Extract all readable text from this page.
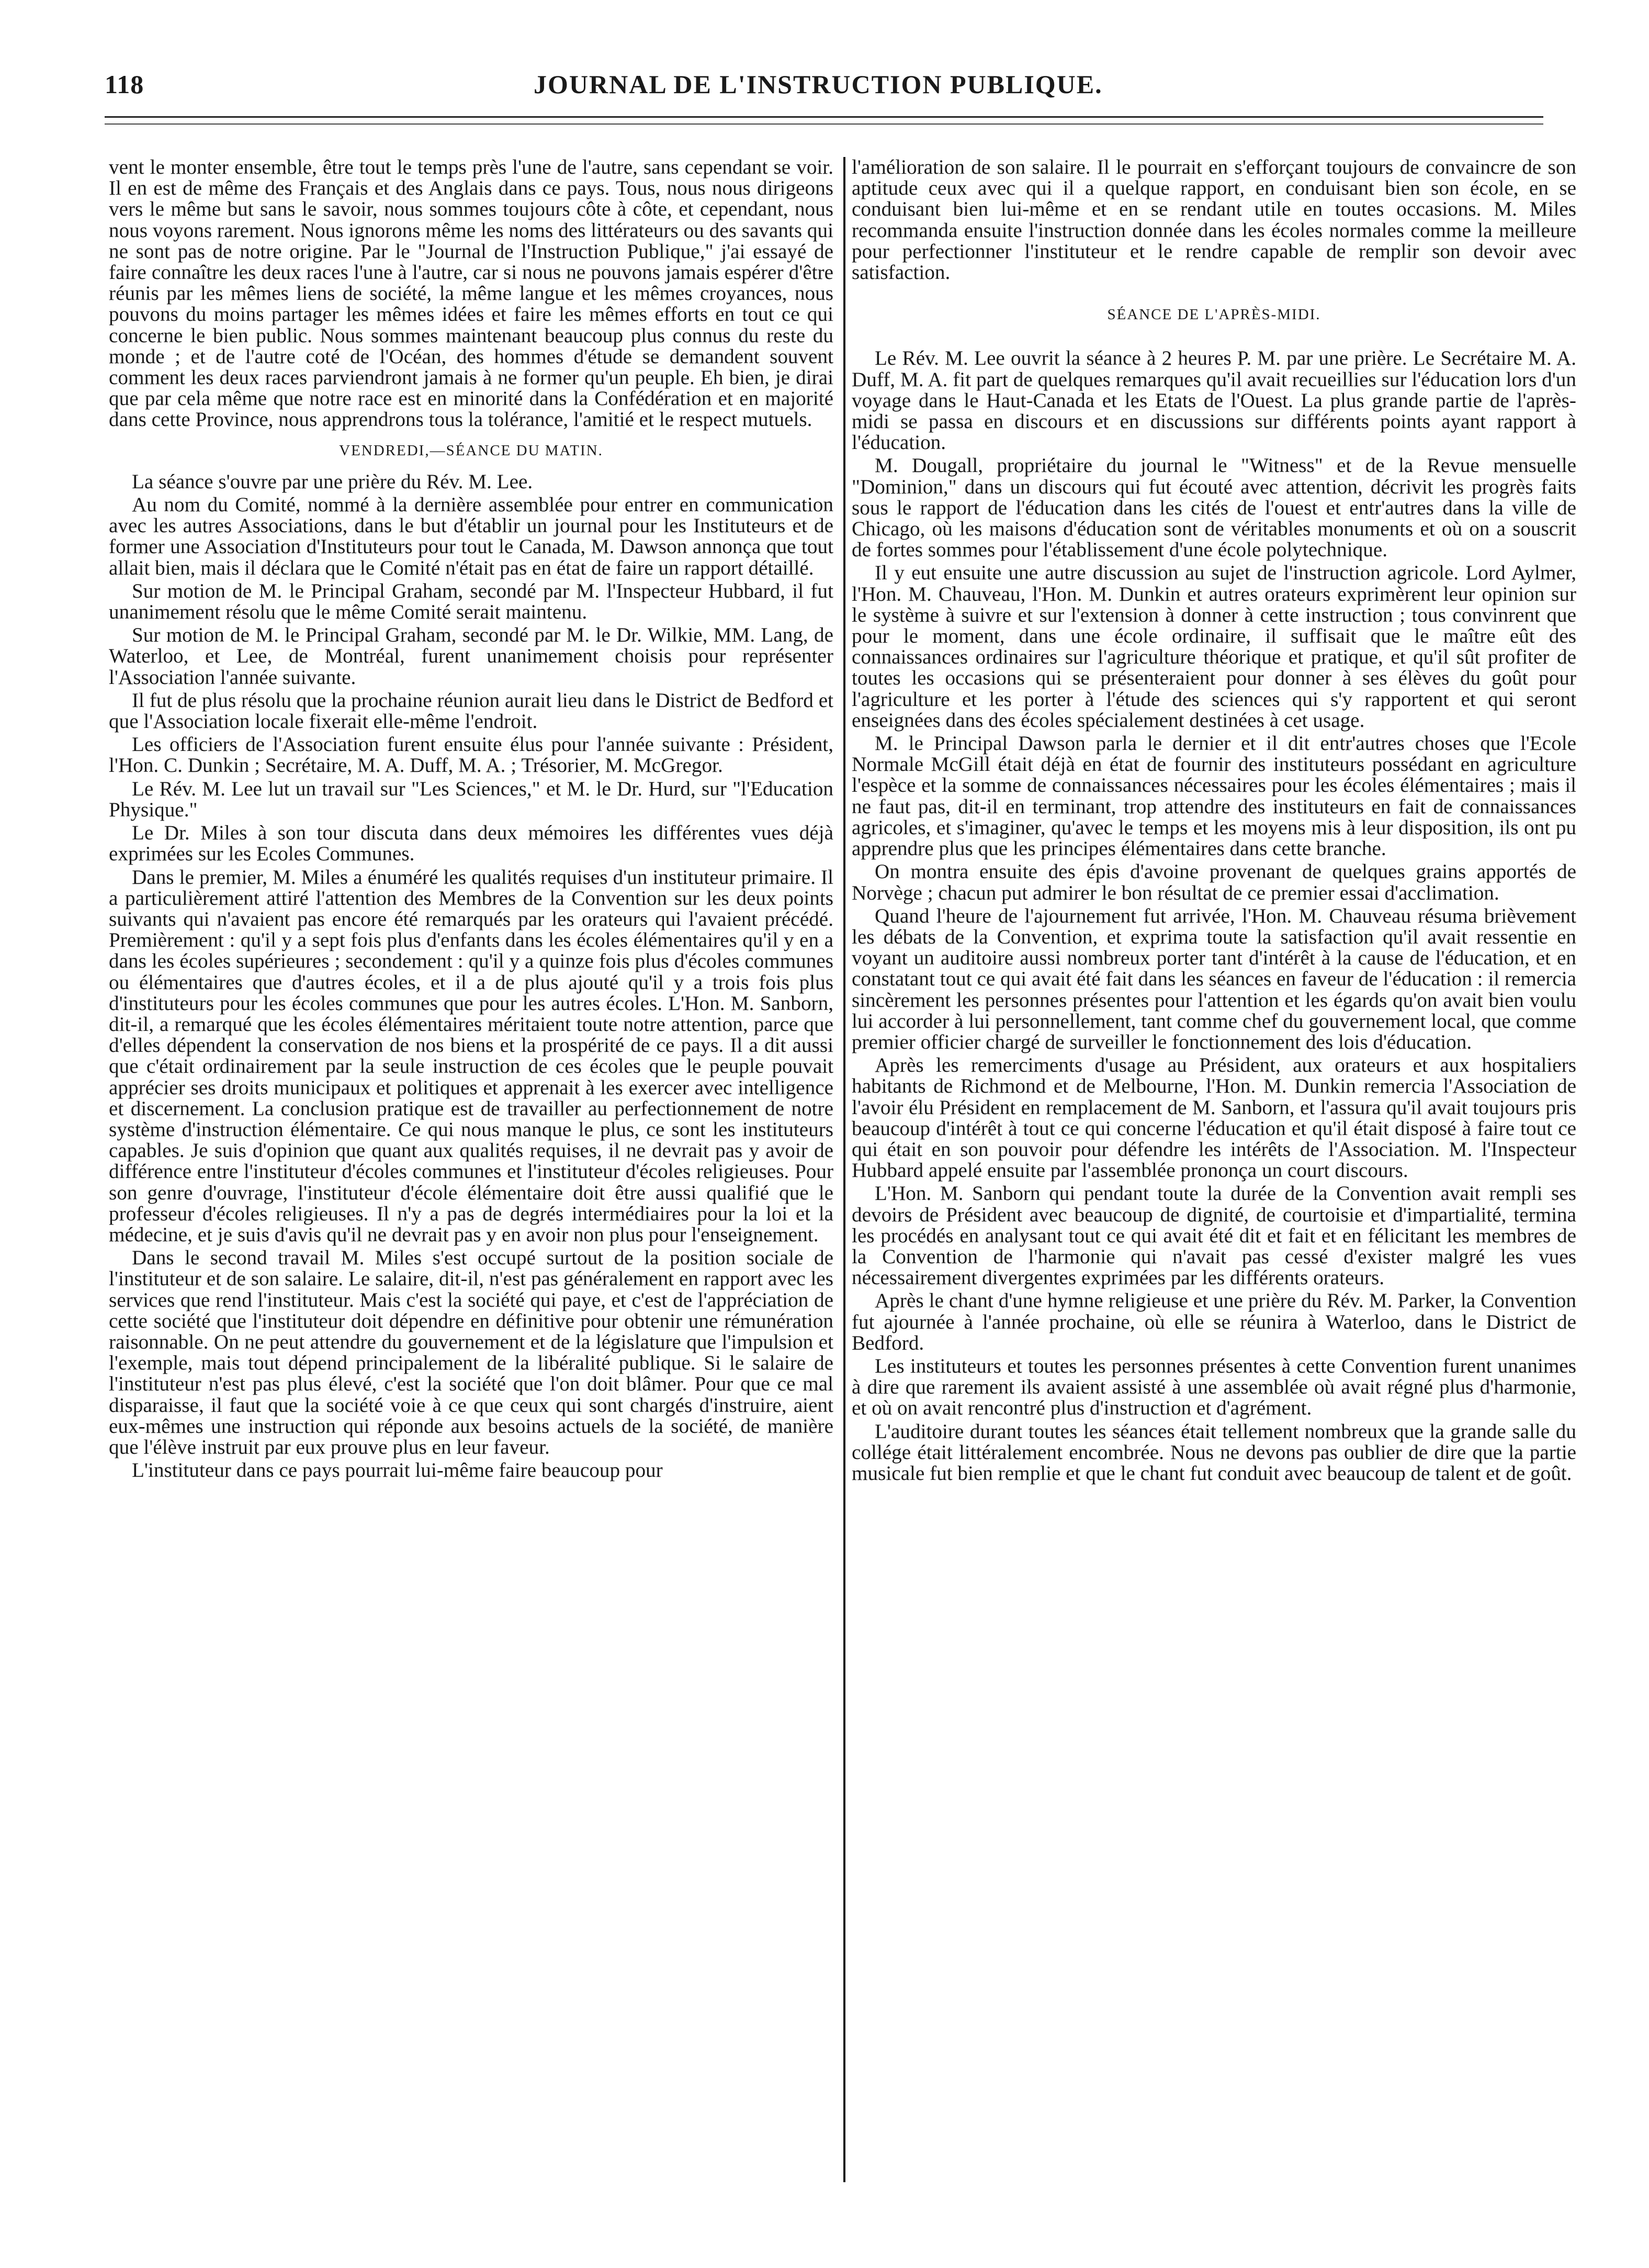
118	JOURNAL DE L'INSTRUCTION PUBLIQUE.

vent le monter ensemble, être tout le temps près l'une de l'autre, sans cependant se voir. Il en est de même des Français et des Anglais dans ce pays. Tous, nous nous dirigeons vers le même but sans le savoir, nous sommes toujours côte à côte, et cependant, nous nous voyons rarement. Nous ignorons même les noms des littérateurs ou des savants qui ne sont pas de notre origine. Par le "Journal de l'Instruction Publique," j'ai essayé de faire connaître les deux races l'une à l'autre, car si nous ne pouvons jamais espérer d'être réunis par les mêmes liens de société, la même langue et les mêmes croyances, nous pouvons du moins partager les mêmes idées et faire les mêmes efforts en tout ce qui concerne le bien public. Nous sommes maintenant beaucoup plus connus du reste du monde ; et de l'autre coté de l'Océan, des hommes d'étude se demandent souvent comment les deux races parviendront jamais à ne former qu'un peuple. Eh bien, je dirai que par cela même que notre race est en minorité dans la Confédération et en majorité dans cette Province, nous apprendrons tous la tolérance, l'amitié et le respect mutuels.

VENDREDI,—SÉANCE DU MATIN.

La séance s'ouvre par une prière du Rév. M. Lee.

Au nom du Comité, nommé à la dernière assemblée pour entrer en communication avec les autres Associations, dans le but d'établir un journal pour les Instituteurs et de former une Association d'Instituteurs pour tout le Canada, M. Dawson annonça que tout allait bien, mais il déclara que le Comité n'était pas en état de faire un rapport détaillé.

Sur motion de M. le Principal Graham, secondé par M. l'Inspecteur Hubbard, il fut unanimement résolu que le même Comité serait maintenu.

Sur motion de M. le Principal Graham, secondé par M. le Dr. Wilkie, MM. Lang, de Waterloo, et Lee, de Montréal, furent unanimement choisis pour représenter l'Association l'année suivante.

Il fut de plus résolu que la prochaine réunion aurait lieu dans le District de Bedford et que l'Association locale fixerait elle-même l'endroit.

Les officiers de l'Association furent ensuite élus pour l'année suivante : Président, l'Hon. C. Dunkin ; Secrétaire, M. A. Duff, M. A. ; Trésorier, M. McGregor.

Le Rév. M. Lee lut un travail sur "Les Sciences," et M. le Dr. Hurd, sur "l'Education Physique."

Le Dr. Miles à son tour discuta dans deux mémoires les différentes vues déjà exprimées sur les Ecoles Communes.

Dans le premier, M. Miles a énuméré les qualités requises d'un instituteur primaire. Il a particulièrement attiré l'attention des Membres de la Convention sur les deux points suivants qui n'avaient pas encore été remarqués par les orateurs qui l'avaient précédé. Premièrement : qu'il y a sept fois plus d'enfants dans les écoles élémentaires qu'il y en a dans les écoles supérieures ; secondement : qu'il y a quinze fois plus d'écoles communes ou élémentaires que d'autres écoles, et il a de plus ajouté qu'il y a trois fois plus d'instituteurs pour les écoles communes que pour les autres écoles. L'Hon. M. Sanborn, dit-il, a remarqué que les écoles élémentaires méritaient toute notre attention, parce que d'elles dépendent la conservation de nos biens et la prospérité de ce pays. Il a dit aussi que c'était ordinairement par la seule instruction de ces écoles que le peuple pouvait apprécier ses droits municipaux et politiques et apprenait à les exercer avec intelligence et discernement. La conclusion pratique est de travailler au perfectionnement de notre système d'instruction élémentaire. Ce qui nous manque le plus, ce sont les instituteurs capables. Je suis d'opinion que quant aux qualités requises, il ne devrait pas y avoir de différence entre l'instituteur d'écoles communes et l'instituteur d'écoles religieuses. Pour son genre d'ouvrage, l'instituteur d'école élémentaire doit être aussi qualifié que le professeur d'écoles religieuses. Il n'y a pas de degrés intermédiaires pour la loi et la médecine, et je suis d'avis qu'il ne devrait pas y en avoir non plus pour l'enseignement.

Dans le second travail M. Miles s'est occupé surtout de la position sociale de l'instituteur et de son salaire. Le salaire, dit-il, n'est pas généralement en rapport avec les services que rend l'instituteur. Mais c'est la société qui paye, et c'est de l'appréciation de cette société que l'instituteur doit dépendre en définitive pour obtenir une rémunération raisonnable. On ne peut attendre du gouvernement et de la législature que l'impulsion et l'exemple, mais tout dépend principalement de la libéralité publique. Si le salaire de l'instituteur n'est pas plus élevé, c'est la société que l'on doit blâmer. Pour que ce mal disparaisse, il faut que la société voie à ce que ceux qui sont chargés d'instruire, aient eux-mêmes une instruction qui réponde aux besoins actuels de la société, de manière que l'élève instruit par eux prouve plus en leur faveur.

L'instituteur dans ce pays pourrait lui-même faire beaucoup pour

l'amélioration de son salaire. Il le pourrait en s'efforçant toujours de convaincre de son aptitude ceux avec qui il a quelque rapport, en conduisant bien son école, en se conduisant bien lui-même et en se rendant utile en toutes occasions. M. Miles recommanda ensuite l'instruction donnée dans les écoles normales comme la meilleure pour perfectionner l'instituteur et le rendre capable de remplir son devoir avec satisfaction.

SÉANCE DE L'APRÈS-MIDI.

Le Rév. M. Lee ouvrit la séance à 2 heures P. M. par une prière. Le Secrétaire M. A. Duff, M. A. fit part de quelques remarques qu'il avait recueillies sur l'éducation lors d'un voyage dans le Haut-Canada et les Etats de l'Ouest. La plus grande partie de l'après-midi se passa en discours et en discussions sur différents points ayant rapport à l'éducation.

M. Dougall, propriétaire du journal le "Witness" et de la Revue mensuelle "Dominion," dans un discours qui fut écouté avec attention, décrivit les progrès faits sous le rapport de l'éducation dans les cités de l'ouest et entr'autres dans la ville de Chicago, où les maisons d'éducation sont de véritables monuments et où on a souscrit de fortes sommes pour l'établissement d'une école polytechnique.

Il y eut ensuite une autre discussion au sujet de l'instruction agricole. Lord Aylmer, l'Hon. M. Chauveau, l'Hon. M. Dunkin et autres orateurs exprimèrent leur opinion sur le système à suivre et sur l'extension à donner à cette instruction ; tous convinrent que pour le moment, dans une école ordinaire, il suffisait que le maître eût des connaissances ordinaires sur l'agriculture théorique et pratique, et qu'il sût profiter de toutes les occasions qui se présenteraient pour donner à ses élèves du goût pour l'agriculture et les porter à l'étude des sciences qui s'y rapportent et qui seront enseignées dans des écoles spécialement destinées à cet usage.

M. le Principal Dawson parla le dernier et il dit entr'autres choses que l'Ecole Normale McGill était déjà en état de fournir des instituteurs possédant en agriculture l'espèce et la somme de connaissances nécessaires pour les écoles élémentaires ; mais il ne faut pas, dit-il en terminant, trop attendre des instituteurs en fait de connaissances agricoles, et s'imaginer, qu'avec le temps et les moyens mis à leur disposition, ils ont pu apprendre plus que les principes élémentaires dans cette branche.

On montra ensuite des épis d'avoine provenant de quelques grains apportés de Norvège ; chacun put admirer le bon résultat de ce premier essai d'acclimation.

Quand l'heure de l'ajournement fut arrivée, l'Hon. M. Chauveau résuma brièvement les débats de la Convention, et exprima toute la satisfaction qu'il avait ressentie en voyant un auditoire aussi nombreux porter tant d'intérêt à la cause de l'éducation, et en constatant tout ce qui avait été fait dans les séances en faveur de l'éducation : il remercia sincèrement les personnes présentes pour l'attention et les égards qu'on avait bien voulu lui accorder à lui personnellement, tant comme chef du gouvernement local, que comme premier officier chargé de surveiller le fonctionnement des lois d'éducation.

Après les remerciments d'usage au Président, aux orateurs et aux hospitaliers habitants de Richmond et de Melbourne, l'Hon. M. Dunkin remercia l'Association de l'avoir élu Président en remplacement de M. Sanborn, et l'assura qu'il avait toujours pris beaucoup d'intérêt à tout ce qui concerne l'éducation et qu'il était disposé à faire tout ce qui était en son pouvoir pour défendre les intérêts de l'Association. M. l'Inspecteur Hubbard appelé ensuite par l'assemblée prononça un court discours.

L'Hon. M. Sanborn qui pendant toute la durée de la Convention avait rempli ses devoirs de Président avec beaucoup de dignité, de courtoisie et d'impartialité, termina les procédés en analysant tout ce qui avait été dit et fait et en félicitant les membres de la Convention de l'harmonie qui n'avait pas cessé d'exister malgré les vues nécessairement divergentes exprimées par les différents orateurs.

Après le chant d'une hymne religieuse et une prière du Rév. M. Parker, la Convention fut ajournée à l'année prochaine, où elle se réunira à Waterloo, dans le District de Bedford.

Les instituteurs et toutes les personnes présentes à cette Convention furent unanimes à dire que rarement ils avaient assisté à une assemblée où avait régné plus d'harmonie, et où on avait rencontré plus d'instruction et d'agrément.

L'auditoire durant toutes les séances était tellement nombreux que la grande salle du collége était littéralement encombrée. Nous ne devons pas oublier de dire que la partie musicale fut bien remplie et que le chant fut conduit avec beaucoup de talent et de goût.
